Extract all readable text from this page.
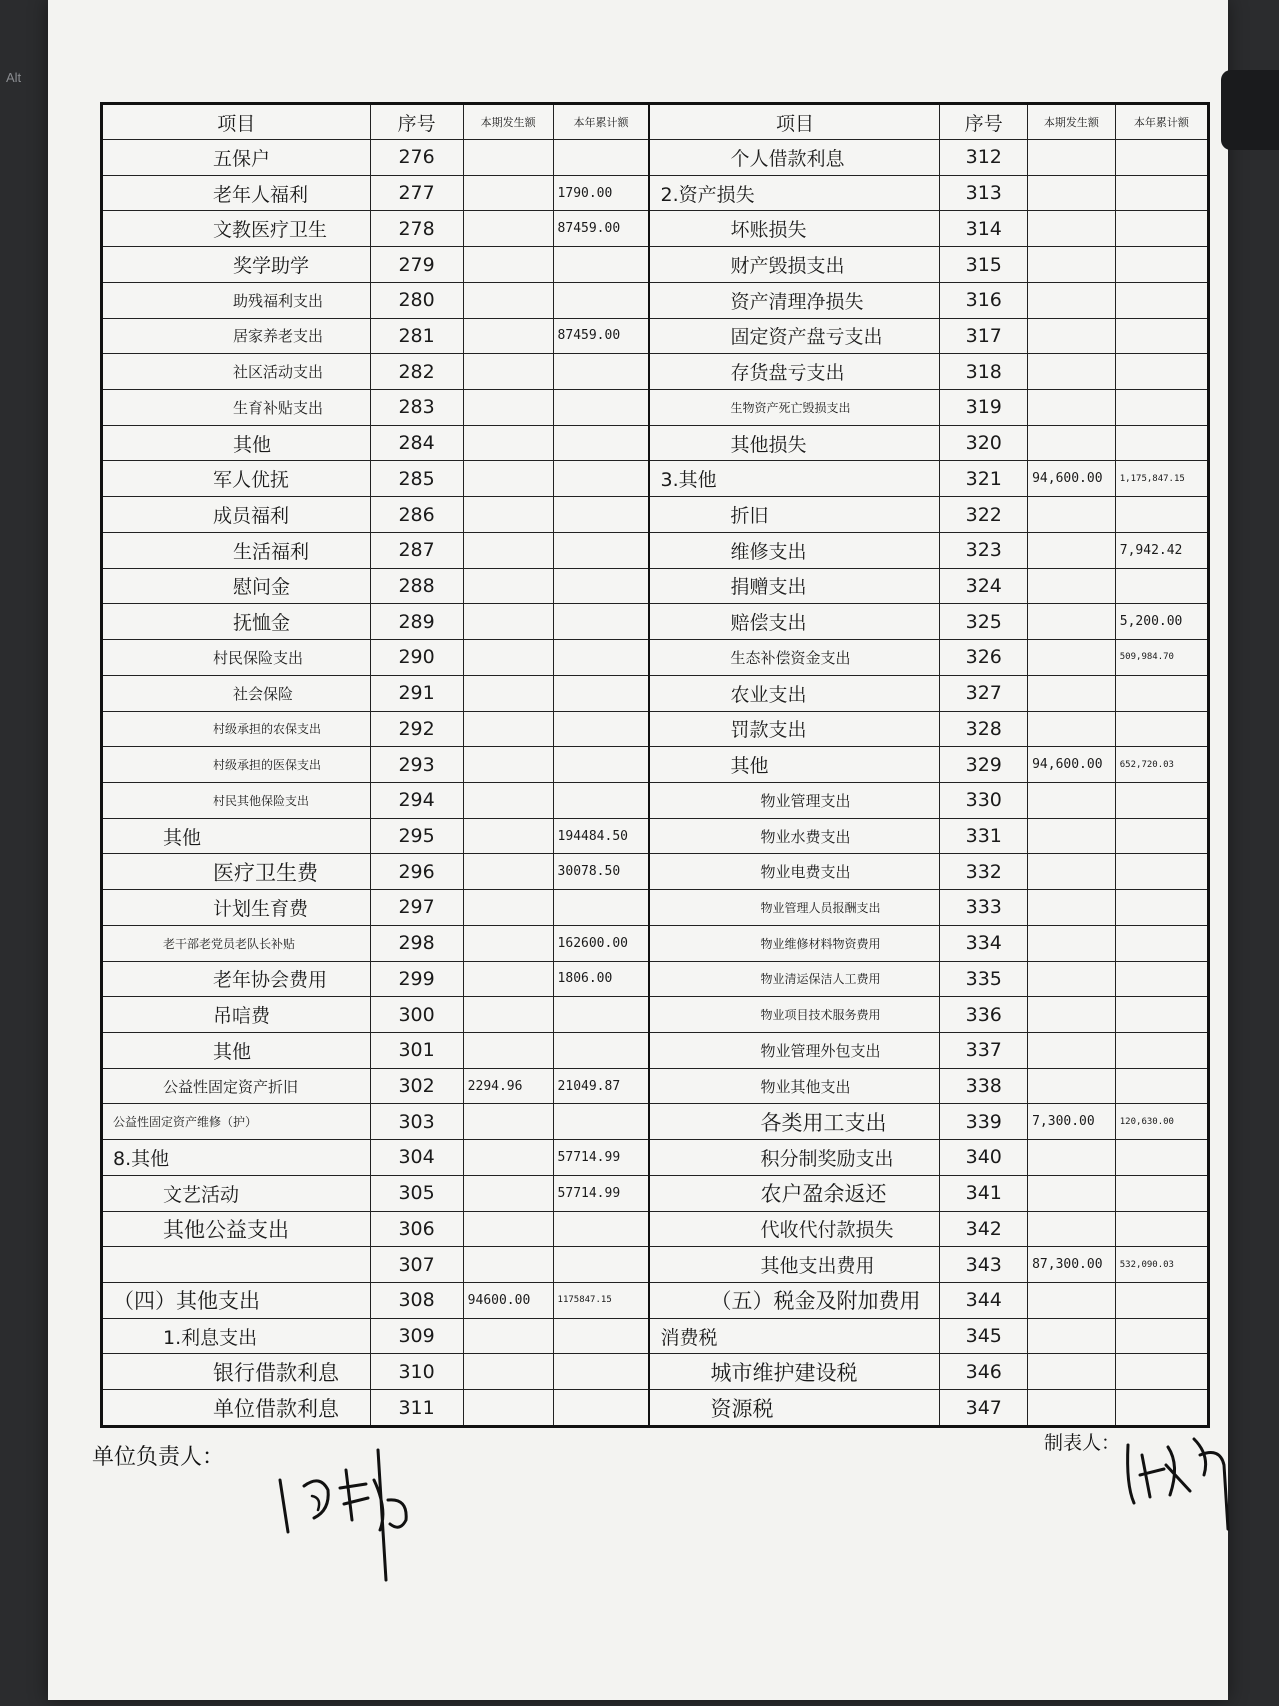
Alt
项目	序号	本期发生额	本年累计额	项目	序号	本期发生额	本年累计额
五保户	276			个人借款利息	312		
老年人福利	277		1790.00	2.资产损失	313		
文教医疗卫生	278		87459.00	坏账损失	314		
奖学助学	279			财产毁损支出	315		
助残福利支出	280			资产清理净损失	316		
居家养老支出	281		87459.00	固定资产盘亏支出	317		
社区活动支出	282			存货盘亏支出	318		
生育补贴支出	283			生物资产死亡毁损支出	319		
其他	284			其他损失	320		
军人优抚	285			3.其他	321	94,600.00	1,175,847.15
成员福利	286			折旧	322		
生活福利	287			维修支出	323		7,942.42
慰问金	288			捐赠支出	324		
抚恤金	289			赔偿支出	325		5,200.00
村民保险支出	290			生态补偿资金支出	326		509,984.70
社会保险	291			农业支出	327		
村级承担的农保支出	292			罚款支出	328		
村级承担的医保支出	293			其他	329	94,600.00	652,720.03
村民其他保险支出	294			物业管理支出	330		
其他	295		194484.50	物业水费支出	331		
医疗卫生费	296		30078.50	物业电费支出	332		
计划生育费	297			物业管理人员报酬支出	333		
老干部老党员老队长补贴	298		162600.00	物业维修材料物资费用	334		
老年协会费用	299		1806.00	物业清运保洁人工费用	335		
吊唁费	300			物业项目技术服务费用	336		
其他	301			物业管理外包支出	337		
公益性固定资产折旧	302	2294.96	21049.87	物业其他支出	338		
公益性固定资产维修（护）	303			各类用工支出	339	7,300.00	120,630.00
8.其他	304		57714.99	积分制奖励支出	340		
文艺活动	305		57714.99	农户盈余返还	341		
其他公益支出	306			代收代付款损失	342		
	307			其他支出费用	343	87,300.00	532,090.03
（四）其他支出	308	94600.00	1175847.15	（五）税金及附加费用	344		
1.利息支出	309			消费税	345		
银行借款利息	310			城市维护建设税	346		
单位借款利息	311			资源税	347		
单位负责人：
制表人：
